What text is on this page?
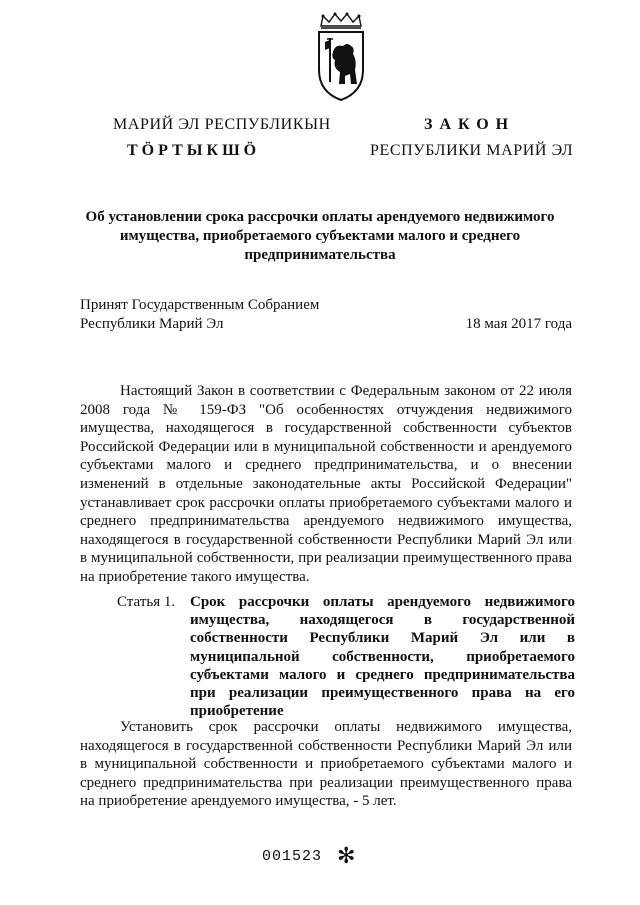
МАРИЙ ЭЛ РЕСПУБЛИКЫН
ТӦРТЫКШӦ
ЗАКОН
РЕСПУБЛИКИ МАРИЙ ЭЛ
Об установлении срока рассрочки оплаты арендуемого недвижимого имущества, приобретаемого субъектами малого и среднего предпринимательства
Принят Государственным Собранием
Республики Марий Эл	18 мая 2017 года
Настоящий Закон в соответствии с Федеральным законом от 22 июля 2008 года № 159-ФЗ "Об особенностях отчуждения недвижимого имущества, находящегося в государственной собственности субъектов Российской Федерации или в муниципальной собственности и арендуемого субъектами малого и среднего предпринимательства, и о внесении изменений в отдельные законодательные акты Российской Федерации" устанавливает срок рассрочки оплаты приобретаемого субъектами малого и среднего предпринимательства арендуемого недвижимого имущества, находящегося в государственной собственности Республики Марий Эл или в муниципальной собственности, при реализации преимущественного права на приобретение такого имущества.
Статья 1. Срок рассрочки оплаты арендуемого недвижимого имущества, находящегося в государственной собственности Республики Марий Эл или в муниципальной собственности, приобретаемого субъектами малого и среднего предпринимательства при реализации преимущественного права на его приобретение
Установить срок рассрочки оплаты недвижимого имущества, находящегося в государственной собственности Республики Марий Эл или в муниципальной собственности и приобретаемого субъектами малого и среднего предпринимательства при реализации преимущественного права на приобретение арендуемого имущества, - 5 лет.
001523 ✻
